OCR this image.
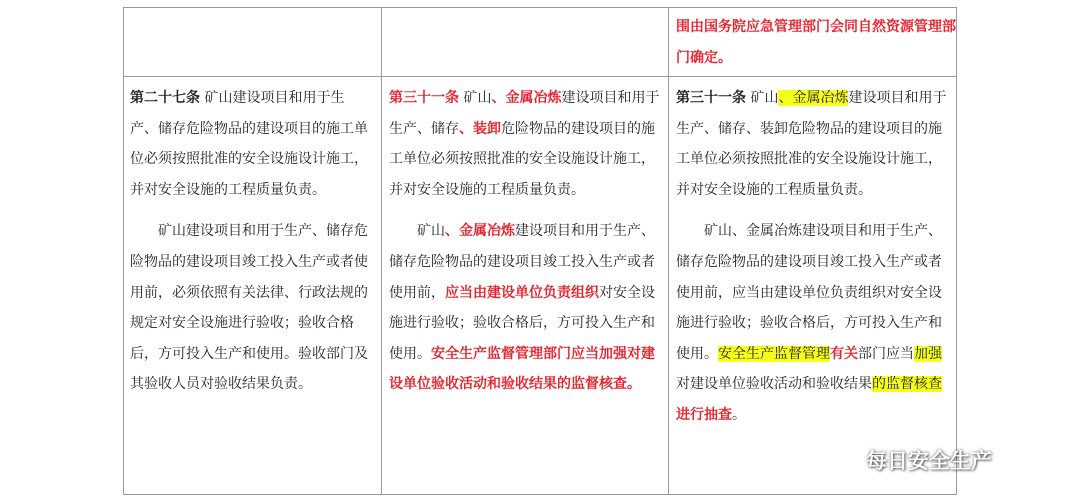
围由国务院应急管理部门会同自然资源管理部门确定。

第二十七条 矿山建设项目和用于生产、储存危险物品的建设项目的施工单位必须按照批准的安全设施设计施工，并对安全设施的工程质量负责。

矿山建设项目和用于生产、储存危险物品的建设项目竣工投入生产或者使用前，必须依照有关法律、行政法规的规定对安全设施进行验收；验收合格后，方可投入生产和使用。验收部门及其验收人员对验收结果负责。

第三十一条 矿山、金属冶炼建设项目和用于生产、储存、装卸危险物品的建设项目的施工单位必须按照批准的安全设施设计施工，并对安全设施的工程质量负责。

矿山、金属冶炼建设项目和用于生产、储存危险物品的建设项目竣工投入生产或者使用前，应当由建设单位负责组织对安全设施进行验收；验收合格后，方可投入生产和使用。安全生产监督管理部门应当加强对建设单位验收活动和验收结果的监督核查。

第三十一条 矿山、金属冶炼建设项目和用于生产、储存、装卸危险物品的建设项目的施工单位必须按照批准的安全设施设计施工，并对安全设施的工程质量负责。

矿山、金属冶炼建设项目和用于生产、储存危险物品的建设项目竣工投入生产或者使用前，应当由建设单位负责组织对安全设施进行验收；验收合格后，方可投入生产和使用。安全生产监督管理有关部门应当加强对建设单位验收活动和验收结果的监督核查进行抽查。

每日安全生产
